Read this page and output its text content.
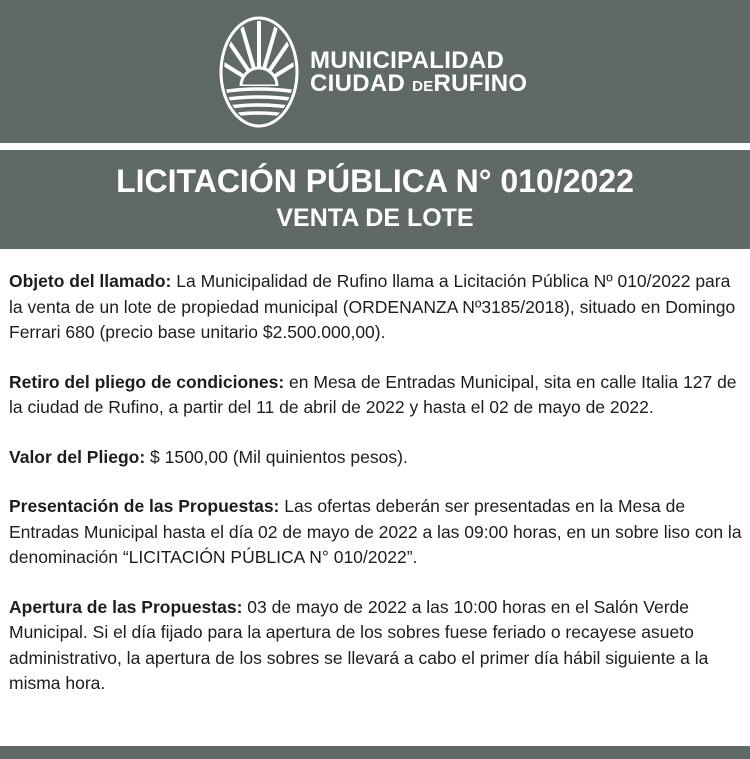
MUNICIPALIDAD
CIUDAD DERUFINO
LICITACIÓN PÚBLICA N° 010/2022
VENTA DE LOTE

Objeto del llamado: La Municipalidad de Rufino llama a Licitación Pública Nº 010/2022 para la venta de un lote de propiedad municipal (ORDENANZA Nº3185/2018), situado en Domingo Ferrari 680 (precio base unitario $2.500.000,00).

Retiro del pliego de condiciones: en Mesa de Entradas Municipal, sita en calle Italia 127 de la ciudad de Rufino, a partir del 11 de abril de 2022 y hasta el 02 de mayo de 2022.

Valor del Pliego: $ 1500,00 (Mil quinientos pesos).

Presentación de las Propuestas: Las ofertas deberán ser presentadas en la Mesa de Entradas Municipal hasta el día 02 de mayo de 2022 a las 09:00 horas, en un sobre liso con la denominación “LICITACIÓN PÚBLICA N° 010/2022”.

Apertura de las Propuestas: 03 de mayo de 2022 a las 10:00 horas en el Salón Verde Municipal. Si el día fijado para la apertura de los sobres fuese feriado o recayese asueto administrativo, la apertura de los sobres se llevará a cabo el primer día hábil siguiente a la misma hora.
